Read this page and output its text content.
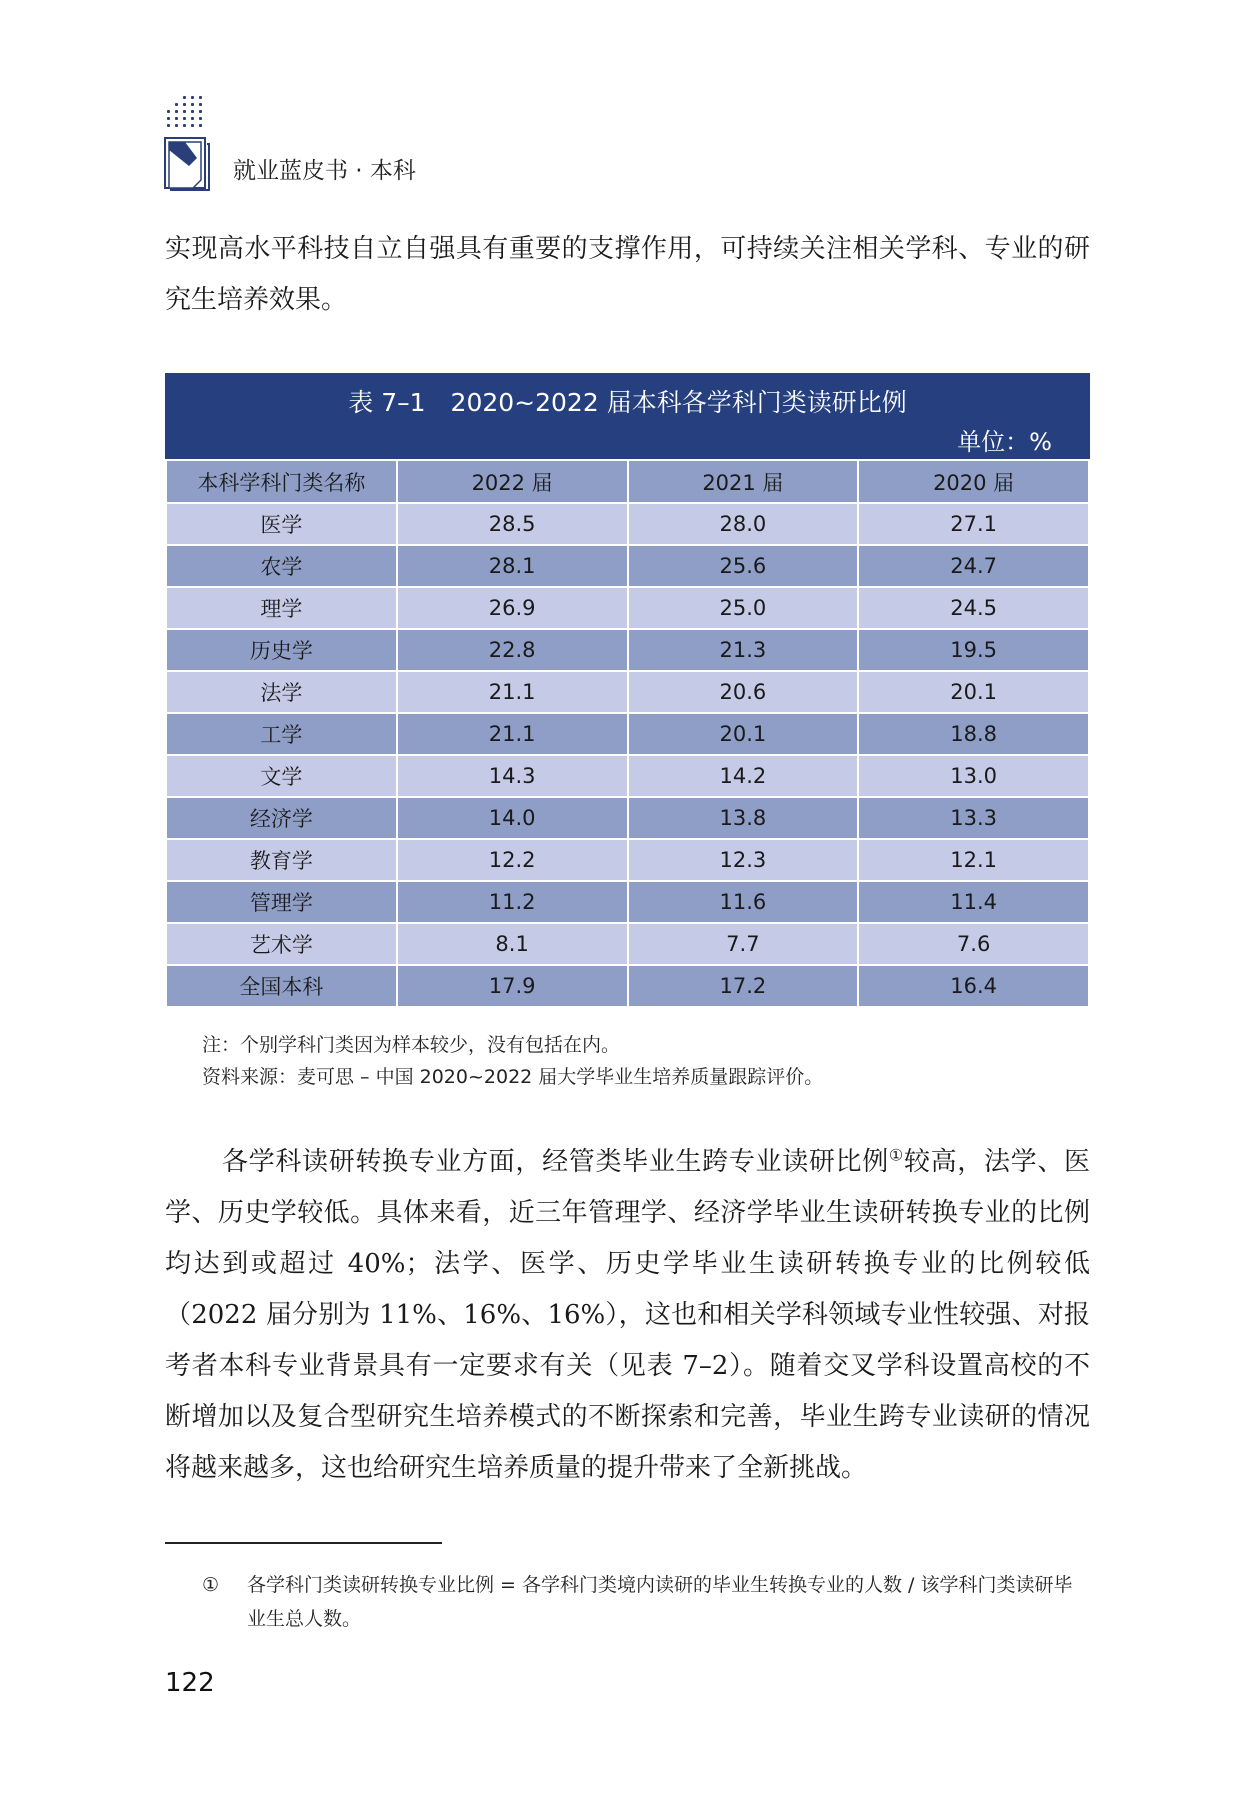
就业蓝皮书 · 本科

实现高水平科技自立自强具有重要的支撑作用，可持续关注相关学科、专业的研究生培养效果。

表 7–1　2020~2022 届本科各学科门类读研比例
单位：%
本科学科门类名称	2022 届	2021 届	2020 届
医学	28.5	28.0	27.1
农学	28.1	25.6	24.7
理学	26.9	25.0	24.5
历史学	22.8	21.3	19.5
法学	21.1	20.6	20.1
工学	21.1	20.1	18.8
文学	14.3	14.2	13.0
经济学	14.0	13.8	13.3
教育学	12.2	12.3	12.1
管理学	11.2	11.6	11.4
艺术学	8.1	7.7	7.6
全国本科	17.9	17.2	16.4
注：个别学科门类因为样本较少，没有包括在内。
资料来源：麦可思 – 中国 2020~2022 届大学毕业生培养质量跟踪评价。

各学科读研转换专业方面，经管类毕业生跨专业读研比例①较高，法学、医学、历史学较低。具体来看，近三年管理学、经济学毕业生读研转换专业的比例均达到或超过 40%；法学、医学、历史学毕业生读研转换专业的比例较低（2022 届分别为 11%、16%、16%），这也和相关学科领域专业性较强、对报考者本科专业背景具有一定要求有关（见表 7–2）。随着交叉学科设置高校的不断增加以及复合型研究生培养模式的不断探索和完善，毕业生跨专业读研的情况将越来越多，这也给研究生培养质量的提升带来了全新挑战。

① 各学科门类读研转换专业比例 = 各学科门类境内读研的毕业生转换专业的人数 / 该学科门类读研毕业生总人数。
122
